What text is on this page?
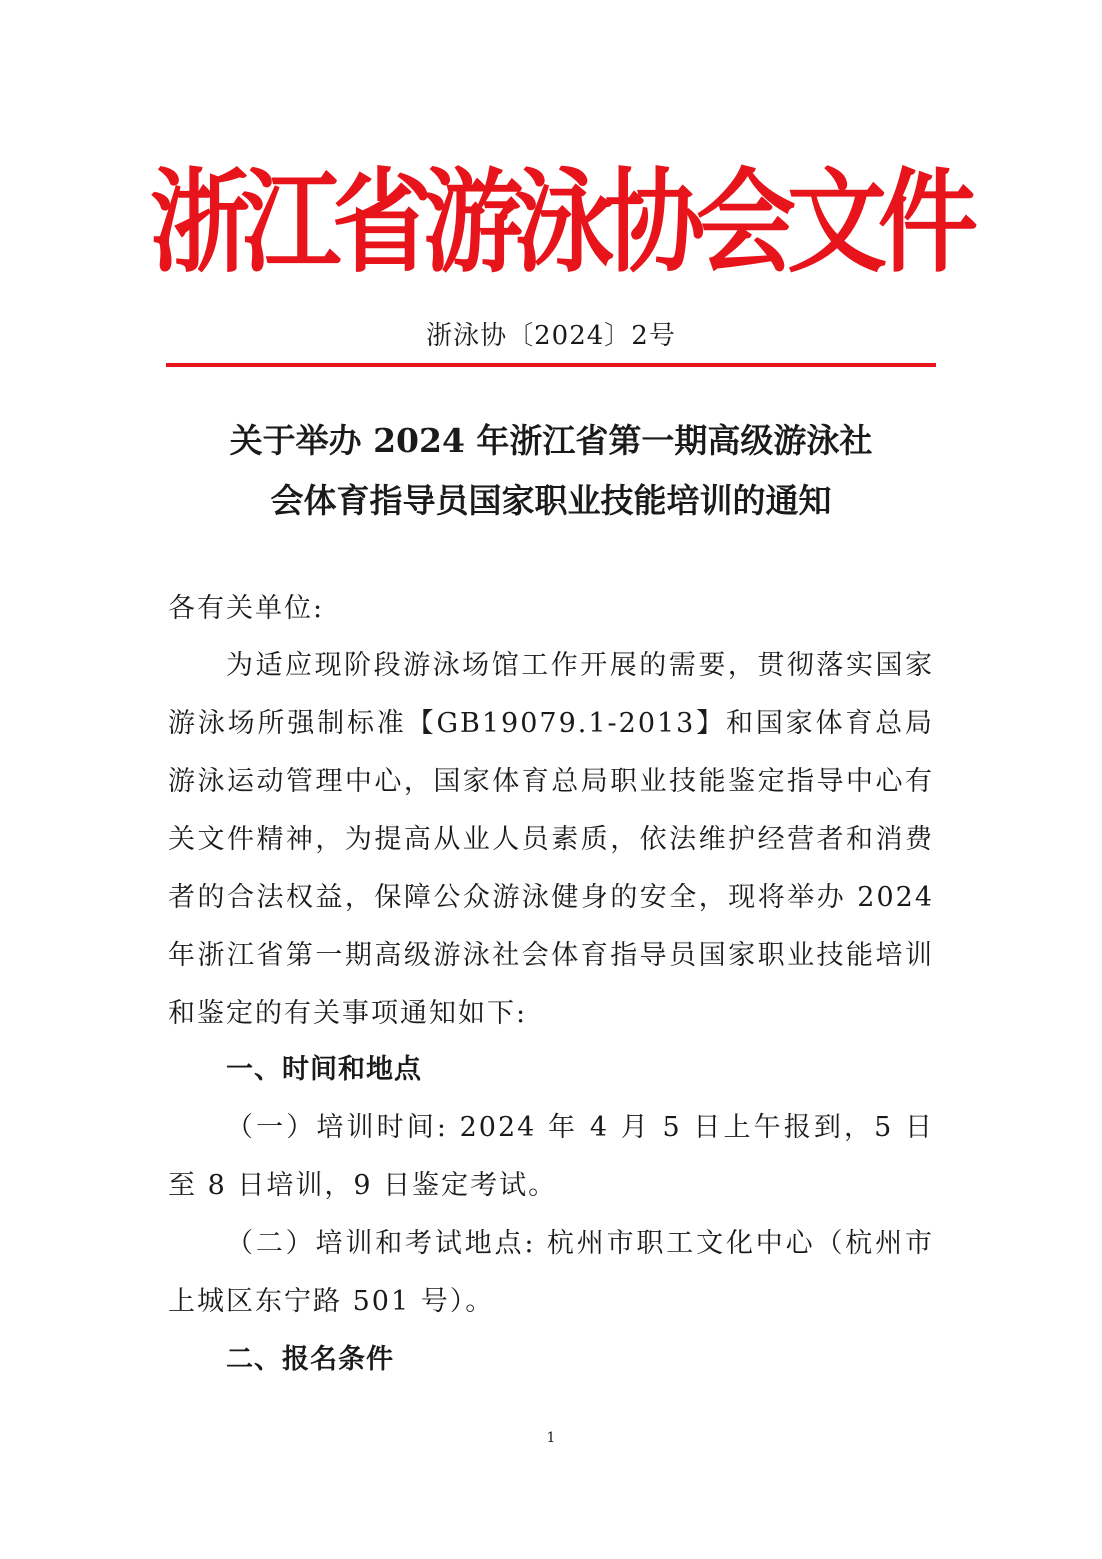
浙江省游泳协会文件
浙泳协〔2024〕2号
关于举办 2024 年浙江省第一期高级游泳社
会体育指导员国家职业技能培训的通知
各有关单位:

为适应现阶段游泳场馆工作开展的需要，贯彻落实国家游泳场所强制标准【GB19079.1-2013】和国家体育总局游泳运动管理中心，国家体育总局职业技能鉴定指导中心有关文件精神，为提高从业人员素质，依法维护经营者和消费者的合法权益，保障公众游泳健身的安全，现将举办 2024 年浙江省第一期高级游泳社会体育指导员国家职业技能培训和鉴定的有关事项通知如下:

一、时间和地点

（一）培训时间: 2024 年 4 月 5 日上午报到，5 日至 8 日培训，9 日鉴定考试。

（二）培训和考试地点: 杭州市职工文化中心（杭州市上城区东宁路 501 号）。

二、报名条件
1
